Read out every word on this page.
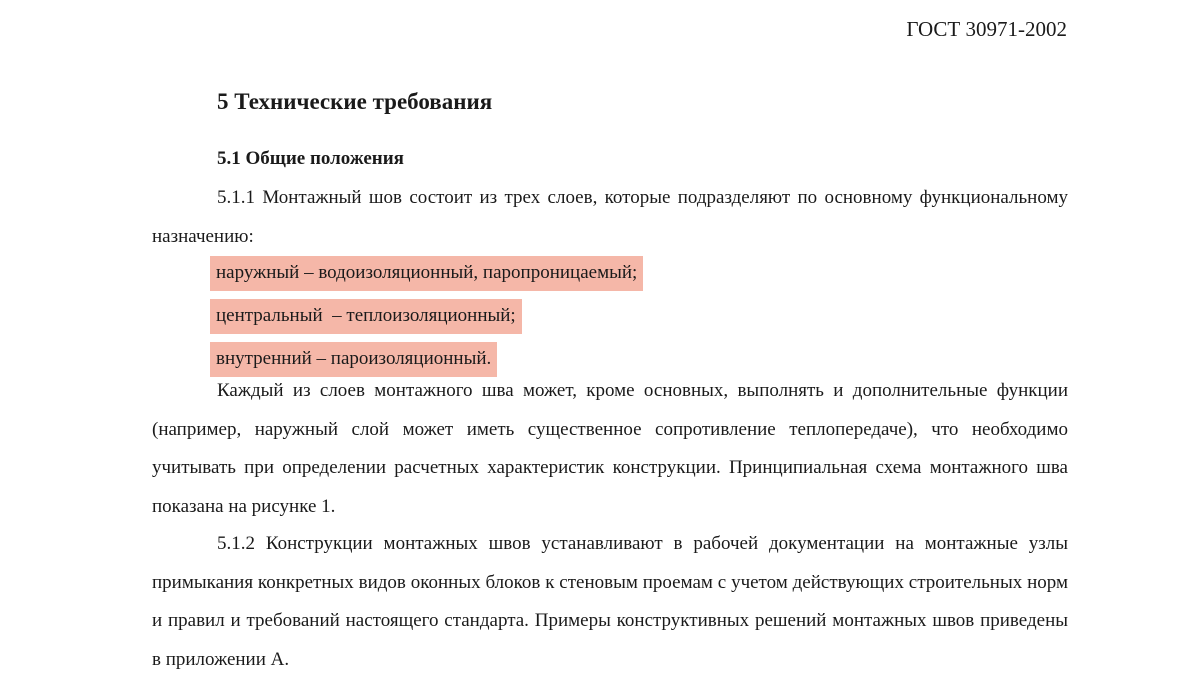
ГОСТ 30971-2002
5 Технические требования
5.1 Общие положения

5.1.1 Монтажный шов состоит из трех слоев, которые подразделяют по основному функциональному назначению:

наружный – водоизоляционный, паропроницаемый;
центральный  – теплоизоляционный;
внутренний – пароизоляционный.

Каждый из слоев монтажного шва может, кроме основных, выполнять и дополнительные функции (например, наружный слой может иметь существенное сопротивление теплопередаче), что необходимо учитывать при определении расчетных характеристик конструкции. Принципиальная схема монтажного шва показана на рисунке 1.

5.1.2 Конструкции монтажных швов устанавливают в рабочей документации на монтажные узлы примыкания конкретных видов оконных блоков к стеновым проемам с учетом действующих строительных норм и правил и требований настоящего стандарта. Примеры конструктивных решений монтажных швов приведены в приложении А.
